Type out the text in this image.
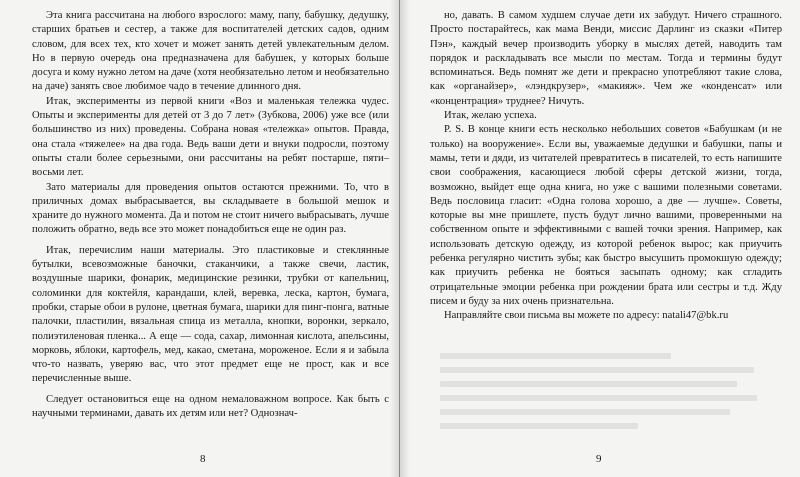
Эта книга рассчитана на любого взрослого: маму, папу, бабушку, дедушку, старших братьев и сестер, а также для воспитателей детских садов, одним словом, для всех тех, кто хочет и может занять детей увлекательным делом. Но в первую очередь она предназначена для бабушек, у которых больше досуга и кому нужно летом на даче (хотя необязательно летом и необязательно на даче) занять свое любимое чадо в течение длинного дня.

Итак, эксперименты из первой книги «Воз и маленькая тележка чудес. Опыты и эксперименты для детей от 3 до 7 лет» (Зубкова, 2006) уже все (или большинство из них) проведены. Собрана новая «тележка» опытов. Правда, она стала «тяжелее» на два года. Ведь ваши дети и внуки подросли, поэтому опыты стали более серьезными, они рассчитаны на ребят постарше, пяти–восьми лет.

Зато материалы для проведения опытов остаются прежними. То, что в приличных домах выбрасывается, вы складываете в большой мешок и храните до нужного момента. Да и потом не стоит ничего выбрасывать, лучше положить обратно, ведь все это может понадобиться еще не один раз.

Итак, перечислим наши материалы. Это пластиковые и стеклянные бутылки, всевозможные баночки, стаканчики, а также свечи, ластик, воздушные шарики, фонарик, медицинские резинки, трубки от капельниц, соломинки для коктейля, карандаши, клей, веревка, леска, картон, бумага, пробки, старые обои в рулоне, цветная бумага, шарики для пинг-понга, ватные палочки, пластилин, вязальная спица из металла, кнопки, воронки, зеркало, полиэтиленовая пленка... А еще — сода, сахар, лимонная кислота, апельсины, морковь, яблоки, картофель, мед, какао, сметана, мороженое. Если я и забыла что-то назвать, уверяю вас, что этот предмет еще не прост, как и все перечисленные выше.

Следует остановиться еще на одном немаловажном вопросе. Как быть с научными терминами, давать их детям или нет? Однознач-

8

но, давать. В самом худшем случае дети их забудут. Ничего страшного. Просто постарайтесь, как мама Венди, миссис Дарлинг из сказки «Питер Пэн», каждый вечер производить уборку в мыслях детей, наводить там порядок и раскладывать все мысли по местам. Тогда и термины будут вспоминаться. Ведь помнят же дети и прекрасно употребляют такие слова, как «органайзер», «лэндкрузер», «макияж». Чем же «конденсат» или «концентрация» труднее? Ничуть.

Итак, желаю успеха.

P. S. В конце книги есть несколько небольших советов «Бабушкам (и не только) на вооружение». Если вы, уважаемые дедушки и бабушки, папы и мамы, тети и дяди, из читателей превратитесь в писателей, то есть напишите свои соображения, касающиеся любой сферы детской жизни, тогда, возможно, выйдет еще одна книга, но уже с вашими полезными советами. Ведь пословица гласит: «Одна голова хорошо, а две — лучше». Советы, которые вы мне пришлете, пусть будут лично вашими, проверенными на собственном опыте и эффективными с вашей точки зрения. Например, как использовать детскую одежду, из которой ребенок вырос; как приучить ребенка регулярно чистить зубы; как быстро высушить промокшую одежду; как приучить ребенка не бояться засыпать одному; как сгладить отрицательные эмоции ребенка при рождении брата или сестры и т.д. Жду писем и буду за них очень признательна.

Направляйте свои письма вы можете по адресу: natali47@bk.ru

9
